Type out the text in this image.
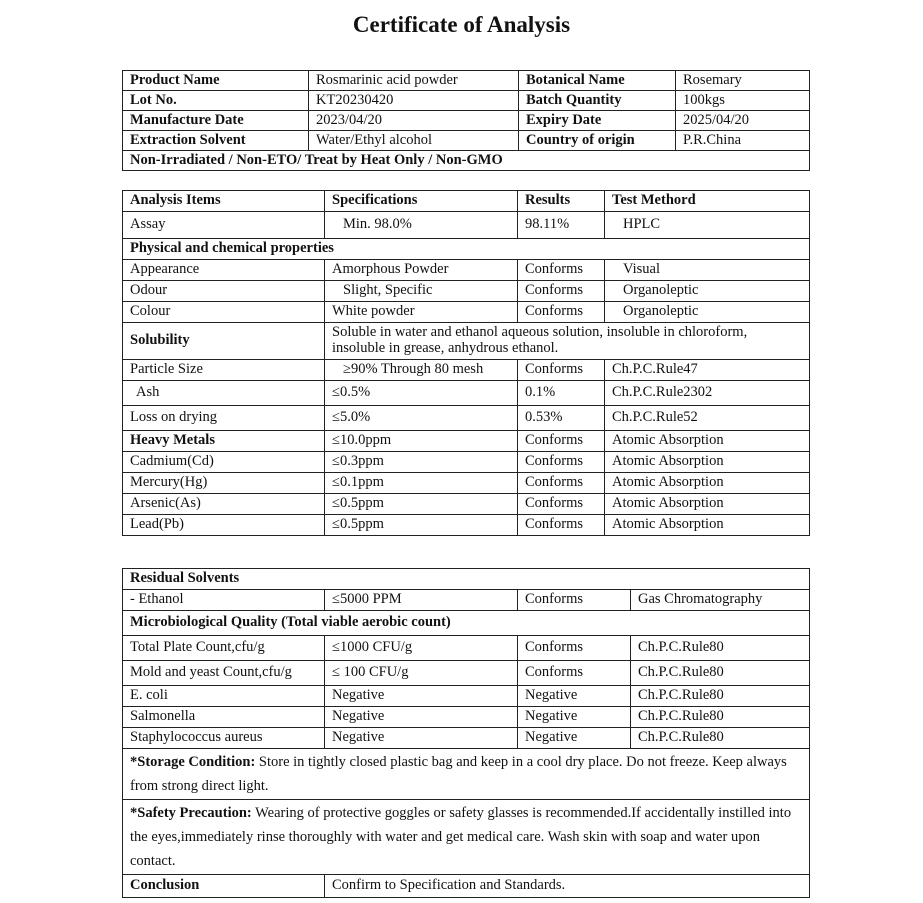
Certificate of Analysis
Product Name	Rosmarinic acid powder	Botanical Name	Rosemary
Lot No.	KT20230420	Batch Quantity	100kgs
Manufacture Date	2023/04/20	Expiry Date	2025/04/20
Extraction Solvent	Water/Ethyl alcohol	Country of origin	P.R.China
Non-Irradiated / Non-ETO/ Treat by Heat Only / Non-GMO			
Analysis Items	Specifications	Results	Test Methord
Assay	Min. 98.0%	98.11%	HPLC
Physical and chemical properties			
Appearance	Amorphous Powder	Conforms	Visual
Odour	Slight, Specific	Conforms	Organoleptic
Colour	White powder	Conforms	Organoleptic
Solubility	Soluble in water and ethanol aqueous solution, insoluble in chloroform, insoluble in grease, anhydrous ethanol.		
Particle Size	≥90% Through 80 mesh	Conforms	Ch.P.C.Rule47
Ash	≤0.5%	0.1%	Ch.P.C.Rule2302
Loss on drying	≤5.0%	0.53%	Ch.P.C.Rule52
Heavy Metals	≤10.0ppm	Conforms	Atomic Absorption
Cadmium(Cd)	≤0.3ppm	Conforms	Atomic Absorption
Mercury(Hg)	≤0.1ppm	Conforms	Atomic Absorption
Arsenic(As)	≤0.5ppm	Conforms	Atomic Absorption
Lead(Pb)	≤0.5ppm	Conforms	Atomic Absorption
Residual Solvents			
- Ethanol	≤5000 PPM	Conforms	Gas Chromatography
Microbiological Quality (Total viable aerobic count)			
Total Plate Count,cfu/g	≤1000 CFU/g	Conforms	Ch.P.C.Rule80
Mold and yeast Count,cfu/g	≤ 100 CFU/g	Conforms	Ch.P.C.Rule80
E. coli	Negative	Negative	Ch.P.C.Rule80
Salmonella	Negative	Negative	Ch.P.C.Rule80
Staphylococcus aureus	Negative	Negative	Ch.P.C.Rule80
*Storage Condition: Store in tightly closed plastic bag and keep in a cool dry place. Do not freeze. Keep always from strong direct light.			
*Safety Precaution: Wearing of protective goggles or safety glasses is recommended.If accidentally instilled into the eyes,immediately rinse thoroughly with water and get medical care. Wash skin with soap and water upon contact.			
Conclusion	Confirm to Specification and Standards.		
